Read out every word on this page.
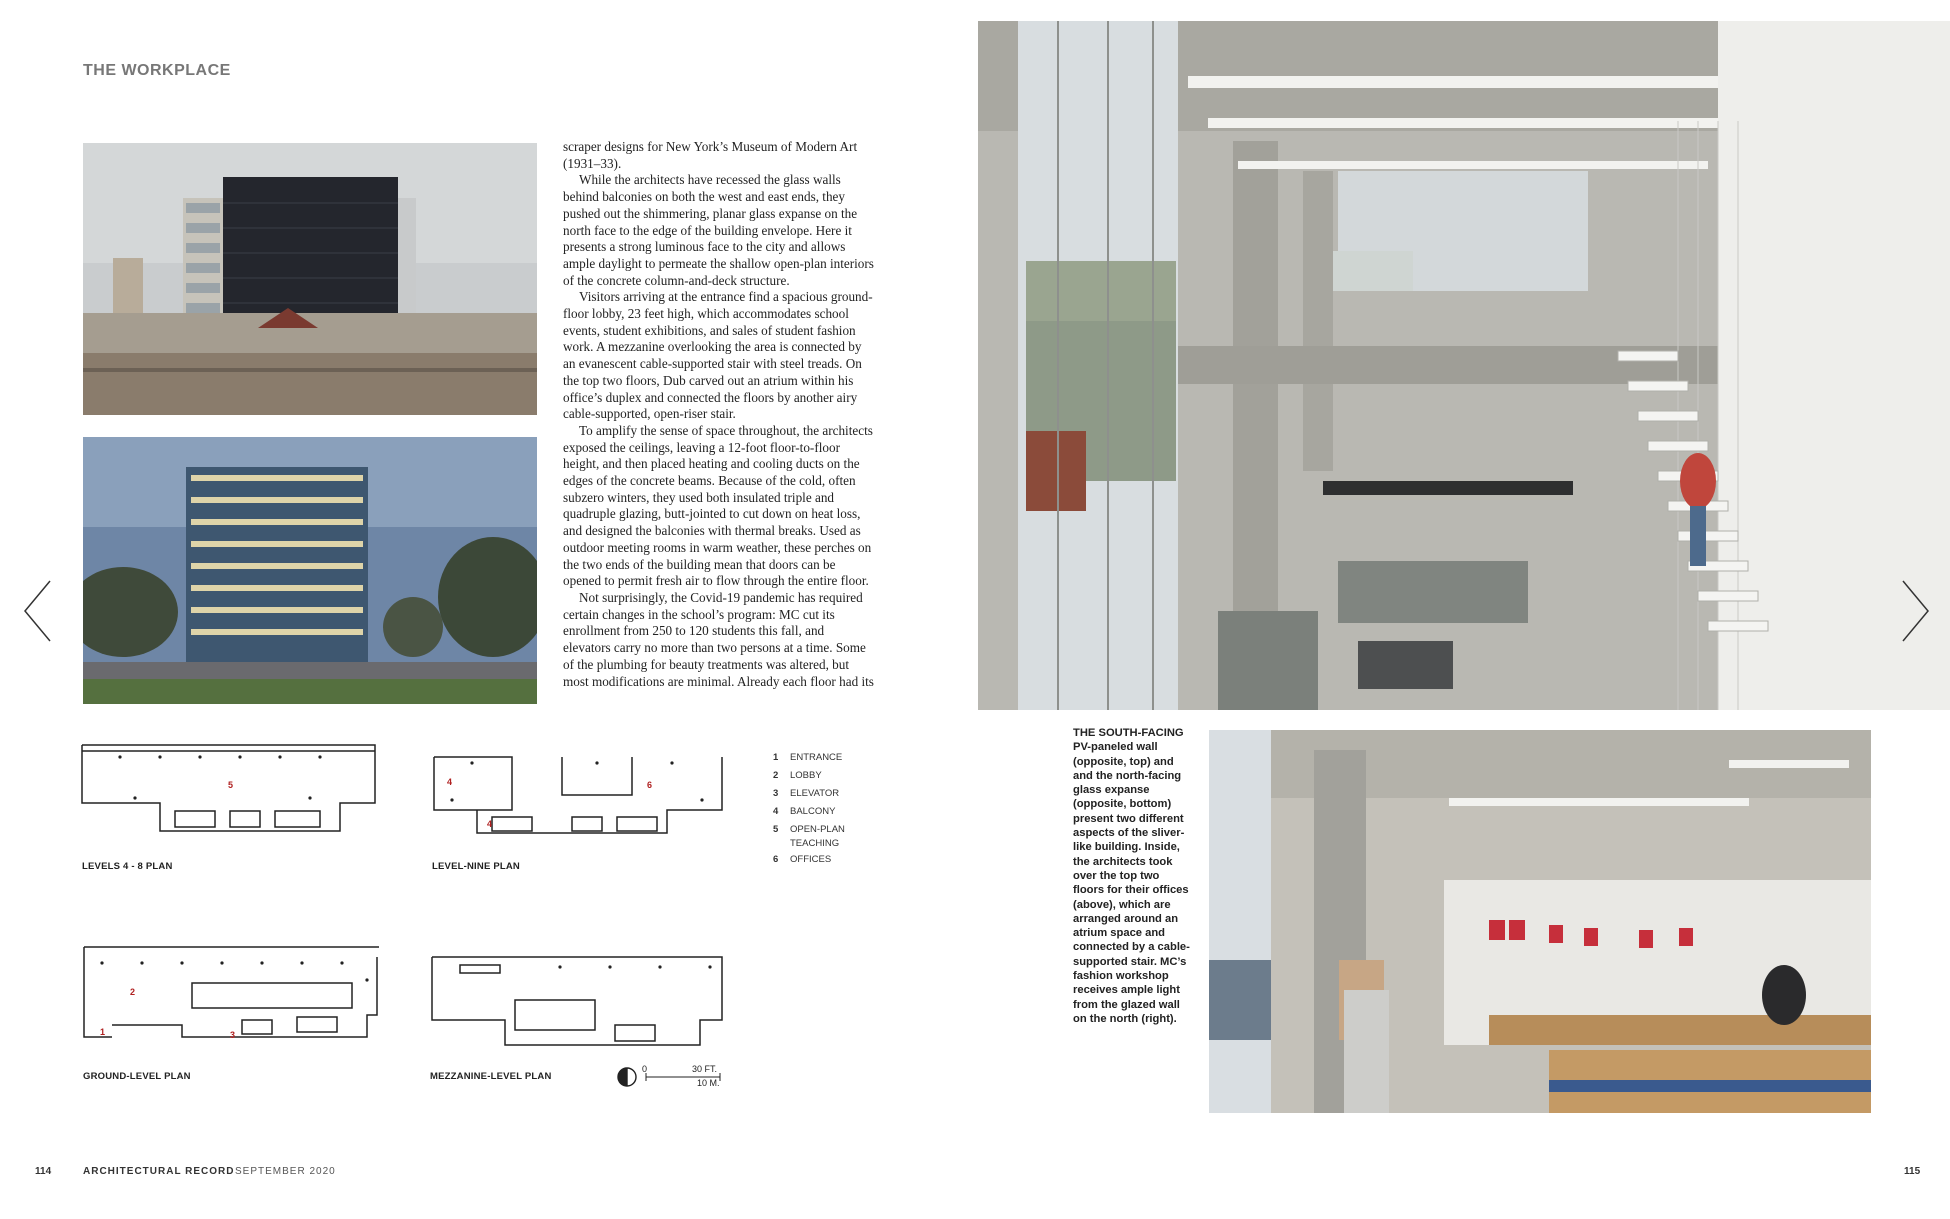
THE WORKPLACE

scraper designs for New York’s Museum of Modern Art (1931–33).

While the architects have recessed the glass walls behind balconies on both the west and east ends, they pushed out the shimmering, planar glass expanse on the north face to the edge of the building envelope. Here it presents a strong luminous face to the city and allows ample daylight to permeate the shallow open-plan interiors of the concrete column-and-deck structure.

Visitors arriving at the entrance find a spacious ground-floor lobby, 23 feet high, which accommodates school events, student exhibitions, and sales of student fashion work. A mezzanine overlooking the area is connected by an evanescent cable-supported stair with steel treads. On the top two floors, Dub carved out an atrium within his office’s duplex and connected the floors by another airy cable-supported, open-riser stair.

To amplify the sense of space throughout, the architects exposed the ceilings, leaving a 12-foot floor-to-floor height, and then placed heating and cooling ducts on the edges of the concrete beams. Because of the cold, often subzero winters, they used both insulated triple and quadruple glazing, butt-jointed to cut down on heat loss, and designed the balconies with thermal breaks. Used as outdoor meeting rooms in warm weather, these perches on the two ends of the building mean that doors can be opened to permit fresh air to flow through the entire floor.

Not surprisingly, the Covid-19 pandemic has required certain changes in the school’s program: MC cut its enrollment from 250 to 120 students this fall, and elevators carry no more than two persons at a time. Some of the plumbing for beauty treatments was altered, but most modifications are minimal. Already each floor had its

5
LEVELS 4 - 8 PLAN
4
4
6
LEVEL-NINE PLAN
1	ENTRANCE
2	LOBBY
3	ELEVATOR
4	BALCONY
5	OPEN-PLAN TEACHING
6	OFFICES
2
1	3
GROUND-LEVEL PLAN	MEZZANINE-LEVEL PLAN
0	30 FT.
10 M.
THE SOUTH-FACING
PV-paneled wall (opposite, top) and and the north-facing glass expanse (opposite, bottom) present two different aspects of the sliver-like building. Inside, the architects took over the top two floors for their offices (above), which are arranged around an atrium space and connected by a cable-supported stair. MC’s fashion workshop receives ample light from the glazed wall on the north (right).
114	ARCHITECTURAL RECORD SEPTEMBER 2020	115
